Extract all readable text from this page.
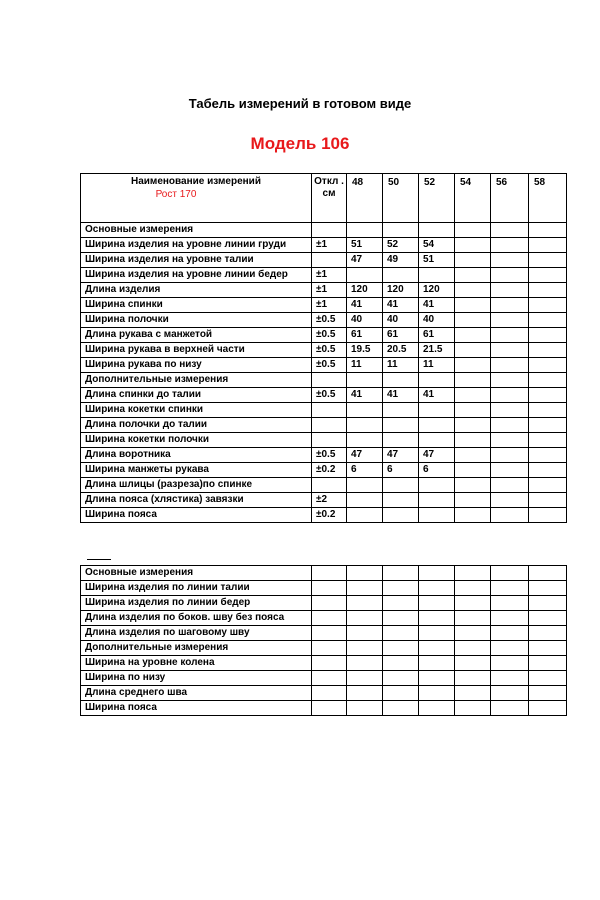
Табель измерений в готовом виде
Модель 106
Наименование измерений
Рост 170	Откл . см	48	50	52	54	56	58
Основные измерения							
Ширина изделия на уровне линии груди	±1	51	52	54			
Ширина изделия на уровне талии		47	49	51			
Ширина изделия на уровне линии бедер	±1						
Длина изделия	±1	120	120	120			
Ширина спинки	±1	41	41	41			
Ширина полочки	±0.5	40	40	40			
Длина рукава с манжетой	±0.5	61	61	61			
Ширина рукава в верхней части	±0.5	19.5	20.5	21.5			
Ширина рукава по низу	±0.5	11	11	11			
Дополнительные измерения							
Длина спинки до талии	±0.5	41	41	41			
Ширина кокетки спинки							
Длина полочки до талии							
Ширина кокетки полочки							
Длина воротника	±0.5	47	47	47			
Ширина манжеты рукава	±0.2	6	6	6			
Длина шлицы (разреза)по спинке							
Длина пояса (хлястика) завязки	±2						
Ширина пояса	±0.2						
Основные измерения							
Ширина изделия по линии талии							
Ширина изделия по линии бедер							
Длина изделия по боков. шву без пояса							
Длина изделия по шаговому шву							
Дополнительные измерения							
Ширина на уровне колена							
Ширина по низу							
Длина среднего шва							
Ширина пояса							
